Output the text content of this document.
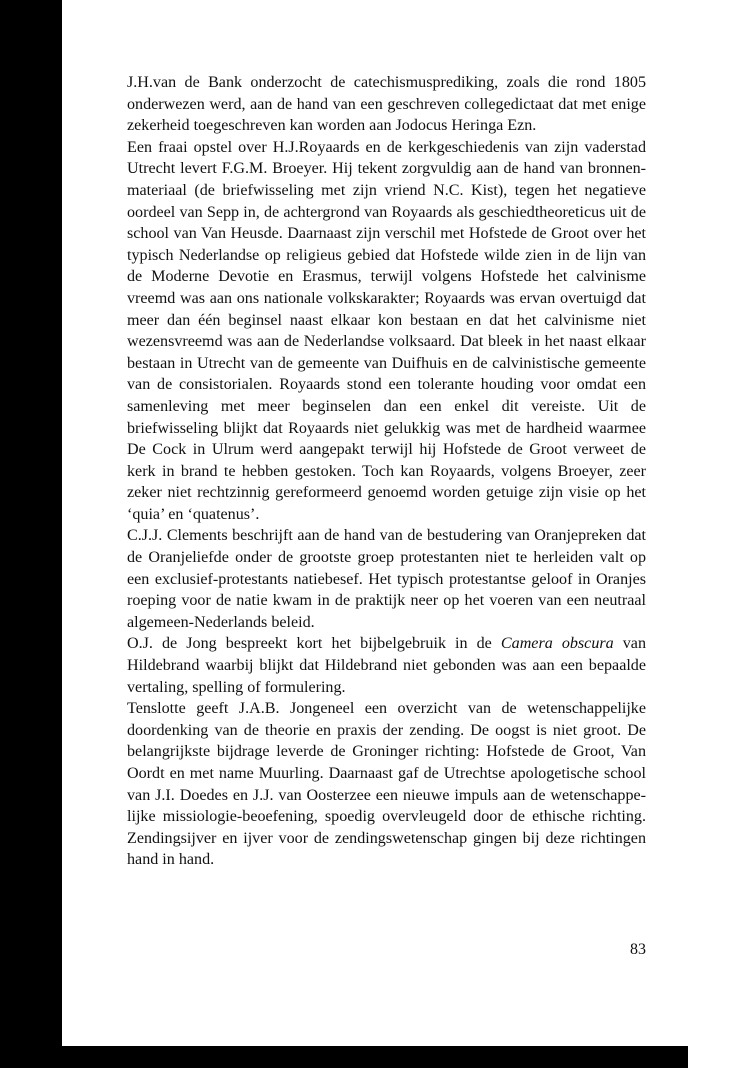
J.H.van de Bank onderzocht de catechismusprediking, zoals die rond 1805 onderwezen werd, aan de hand van een geschreven collegedictaat dat met enige zekerheid toegeschreven kan worden aan Jodocus Heringa Ezn.

Een fraai opstel over H.J.Royaards en de kerkgeschiedenis van zijn vaderstad Utrecht levert F.G.M. Broeyer. Hij tekent zorgvuldig aan de hand van bronnen-materiaal (de briefwisseling met zijn vriend N.C. Kist), tegen het negatieve oordeel van Sepp in, de achtergrond van Royaards als geschiedtheoreticus uit de school van Van Heusde. Daarnaast zijn verschil met Hofstede de Groot over het typisch Nederlandse op religieus gebied dat Hofstede wilde zien in de lijn van de Moderne Devotie en Erasmus, terwijl volgens Hofstede het calvinisme vreemd was aan ons nationale volkskarakter; Royaards was ervan overtuigd dat meer dan één beginsel naast elkaar kon bestaan en dat het calvinisme niet wezensvreemd was aan de Nederlandse volksaard. Dat bleek in het naast elkaar bestaan in Utrecht van de gemeente van Duifhuis en de calvinistische gemeente van de consistorialen. Royaards stond een tolerante houding voor omdat een samenleving met meer beginselen dan een enkel dit vereiste. Uit de briefwisseling blijkt dat Royaards niet gelukkig was met de hardheid waarmee De Cock in Ulrum werd aangepakt terwijl hij Hofstede de Groot verweet de kerk in brand te hebben gestoken. Toch kan Royaards, volgens Broeyer, zeer zeker niet rechtzinnig gereformeerd genoemd worden getuige zijn visie op het ‘quia’ en ‘quatenus’.

C.J.J. Clements beschrijft aan de hand van de bestudering van Oranjepreken dat de Oranjeliefde onder de grootste groep protestanten niet te herleiden valt op een exclusief-protestants natiebesef. Het typisch protestantse geloof in Oranjes roeping voor de natie kwam in de praktijk neer op het voeren van een neutraal algemeen-Nederlands beleid.

O.J. de Jong bespreekt kort het bijbelgebruik in de Camera obscura van Hildebrand waarbij blijkt dat Hildebrand niet gebonden was aan een bepaalde vertaling, spelling of formulering.

Tenslotte geeft J.A.B. Jongeneel een overzicht van de wetenschappelijke doordenking van de theorie en praxis der zending. De oogst is niet groot. De belangrijkste bijdrage leverde de Groninger richting: Hofstede de Groot, Van Oordt en met name Muurling. Daarnaast gaf de Utrechtse apologetische school van J.I. Doedes en J.J. van Oosterzee een nieuwe impuls aan de wetenschappe-lijke missiologie-beoefening, spoedig overvleugeld door de ethische richting. Zendingsijver en ijver voor de zendingswetenschap gingen bij deze richtingen hand in hand.

83
